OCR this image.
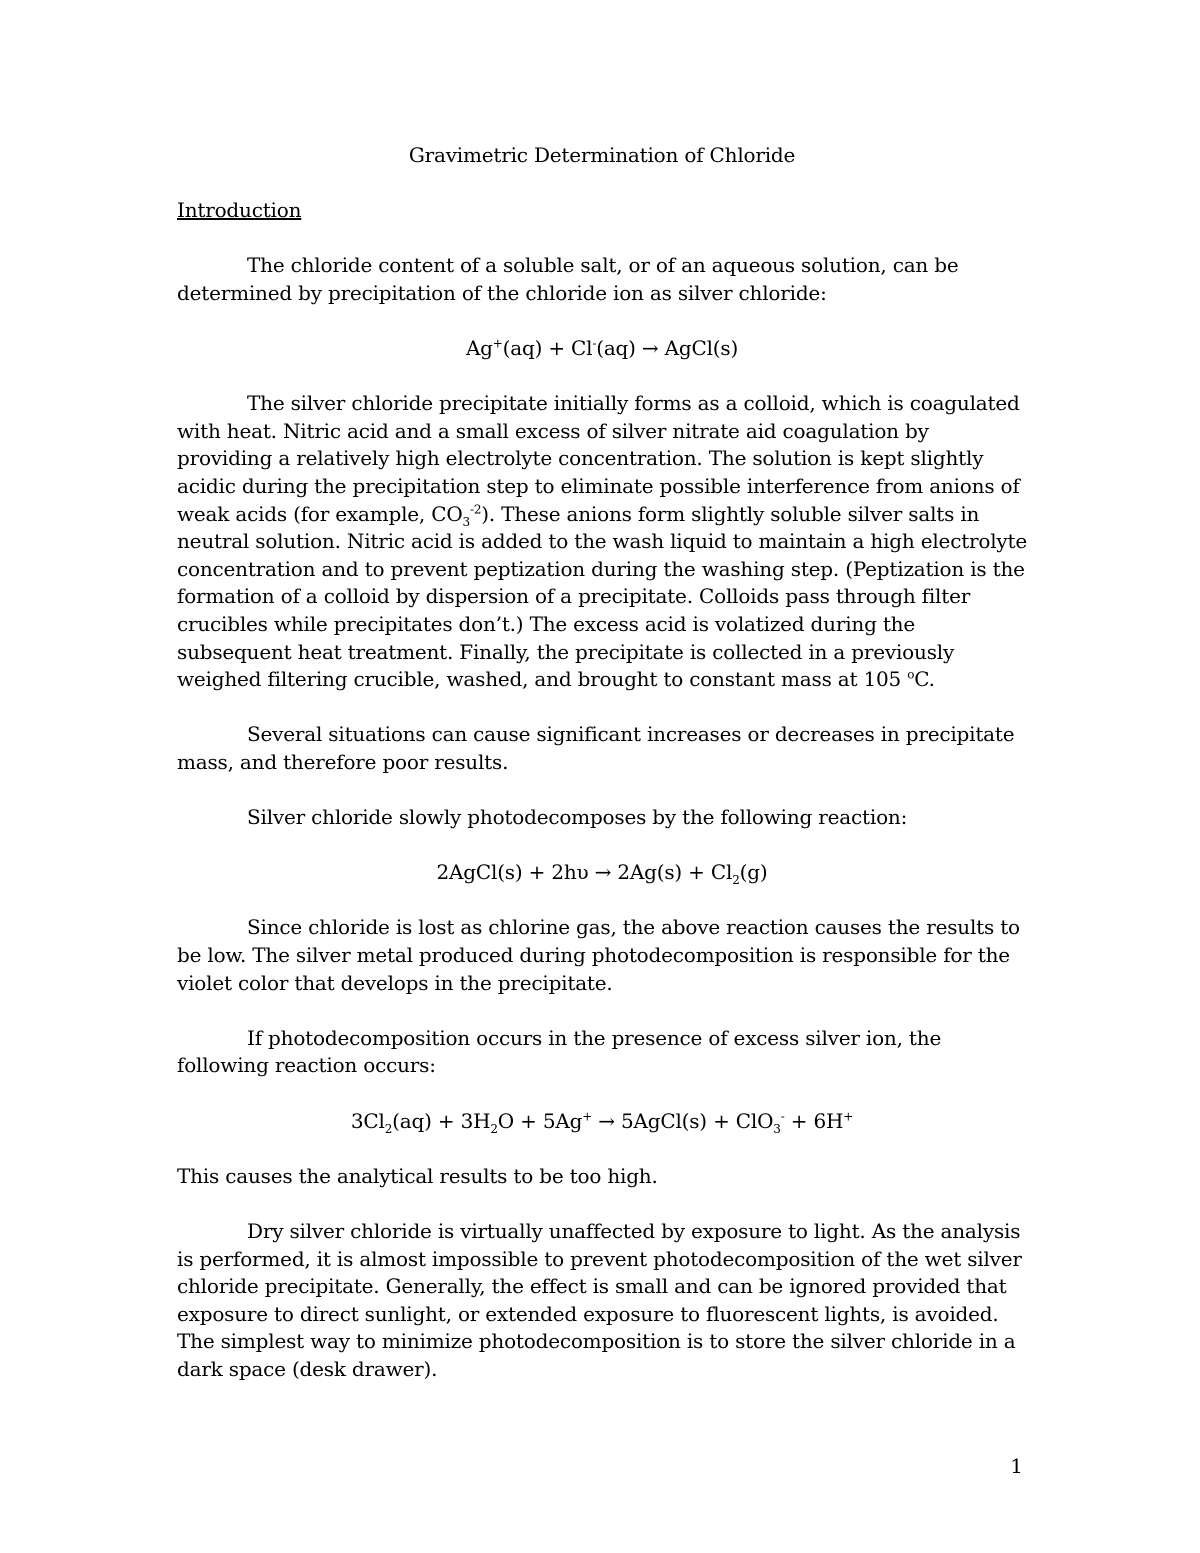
Gravimetric Determination of Chloride

Introduction

The chloride content of a soluble salt, or of an aqueous solution, can be determined by precipitation of the chloride ion as silver chloride:

Ag+(aq) + Cl-(aq) → AgCl(s)

The silver chloride precipitate initially forms as a colloid, which is coagulated with heat. Nitric acid and a small excess of silver nitrate aid coagulation by providing a relatively high electrolyte concentration. The solution is kept slightly acidic during the precipitation step to eliminate possible interference from anions of weak acids (for example, $CO_3^{-2}$). These anions form slightly soluble silver salts in neutral solution. Nitric acid is added to the wash liquid to maintain a high electrolyte concentration and to prevent peptization during the washing step. (Peptization is the formation of a colloid by dispersion of a precipitate. Colloids pass through filter crucibles while precipitates don’t.) The excess acid is volatized during the subsequent heat treatment. Finally, the precipitate is collected in a previously weighed filtering crucible, washed, and brought to constant mass at 105 $^o$C.

Several situations can cause significant increases or decreases in precipitate mass, and therefore poor results.

Silver chloride slowly photodecomposes by the following reaction:

2AgCl(s) + $2h\upsilon \to 2Ag(s) + Cl_2(g)$

Since chloride is lost as chlorine gas, the above reaction causes the results to be low. The silver metal produced during photodecomposition is responsible for the violet color that develops in the precipitate.

If photodecomposition occurs in the presence of excess silver ion, the following reaction occurs:

$3Cl_2(aq) + 3H_2O + 5Ag^+$ → 5AgCl(s) + ClO$_3$- + 6H+

This causes the analytical results to be too high.

Dry silver chloride is virtually unaffected by exposure to light. As the analysis is performed, it is almost impossible to prevent photodecomposition of the wet silver chloride precipitate. Generally, the effect is small and can be ignored provided that exposure to direct sunlight, or extended exposure to fluorescent lights, is avoided. The simplest way to minimize photodecomposition is to store the silver chloride in a dark space (desk drawer).

1
